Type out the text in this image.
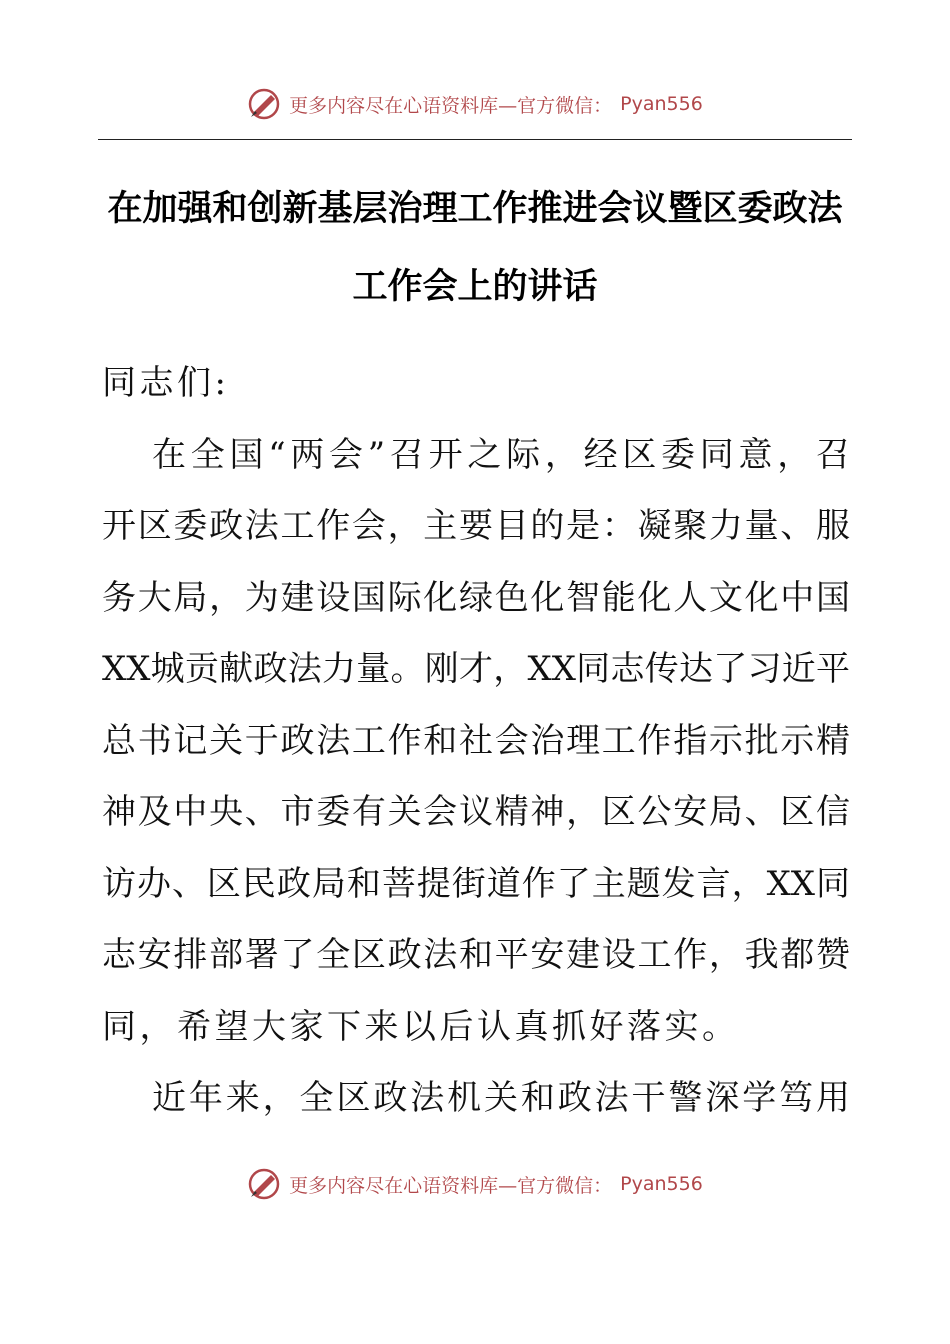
更多内容尽在心语资料库—官方微信： Pyan556
在加强和创新基层治理工作推进会议暨区委政法
工作会上的讲话
同志们:
在全国“两会”召开之际，经区委同意，召
开区委政法工作会，主要目的是：凝聚力量、服
务大局，为建设国际化绿色化智能化人文化中国
XX城贡献政法力量。刚才，XX同志传达了习近平
总书记关于政法工作和社会治理工作指示批示精
神及中央、市委有关会议精神，区公安局、区信
访办、区民政局和菩提街道作了主题发言，XX同
志安排部署了全区政法和平安建设工作，我都赞
同，希望大家下来以后认真抓好落实。
近年来，全区政法机关和政法干警深学笃用
更多内容尽在心语资料库—官方微信： Pyan556
